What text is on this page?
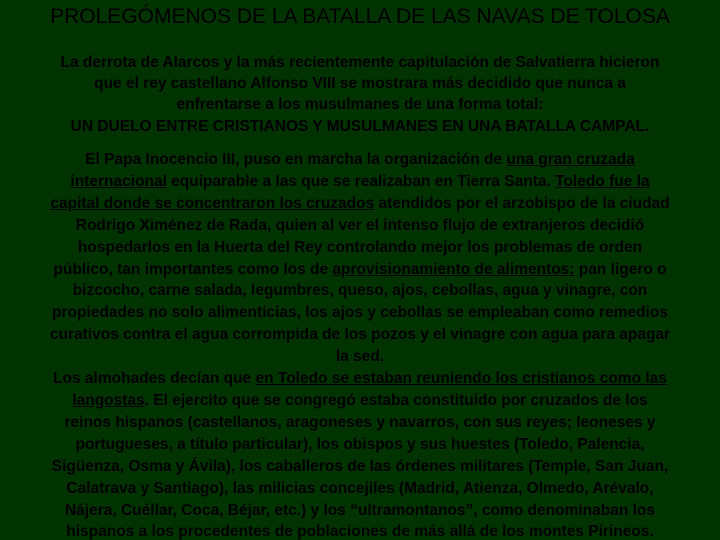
PROLEGÓMENOS DE LA BATALLA DE LAS NAVAS DE TOLOSA
La derrota de Alarcos y la más recientemente capitulación de Salvatierra hicieron
que el rey castellano Alfonso VIII se mostrara más decidido que nunca a
enfrentarse a los musulmanes de una forma total:
UN DUELO ENTRE CRISTIANOS Y MUSULMANES EN UNA BATALLA CAMPAL.
El Papa Inocencio III, puso en marcha la organización de una gran cruzada
internacional equiparable a las que se realizaban en Tierra Santa. Toledo fue la
capital donde se concentraron los cruzados atendidos por el arzobispo de la ciudad
Rodrigo Ximénez de Rada, quien al ver el intenso flujo de extranjeros decidió
hospedarlos en la Huerta del Rey controlando mejor los problemas de orden
público, tan importantes como los de aprovisionamiento de alimentos: pan ligero o
bizcocho, carne salada, legumbres, queso, ajos, cebollas, agua y vinagre, con
propiedades no solo alimenticias, los ajos y cebollas se empleaban como remedios
curativos contra el agua corrompida de los pozos y el vinagre con agua para apagar
la sed.
Los almohades decían que en Toledo se estaban reuniendo los cristianos como las
langostas. El ejercito que se congregó estaba constituido por cruzados de los
reinos hispanos (castellanos, aragoneses y navarros, con sus reyes; leoneses y
portugueses, a título particular), los obispos y sus huestes (Toledo, Palencia,
Sigüenza, Osma y Ávila), los caballeros de las órdenes militares (Temple, San Juan,
Calatrava y Santiago), las milicias concejiles (Madrid, Atienza, Olmedo, Arévalo,
Nájera, Cuéllar, Coca, Béjar, etc.) y los “ultramontanos”, como denominaban los
hispanos a los procedentes de poblaciones de más allá de los montes Pirineos.
